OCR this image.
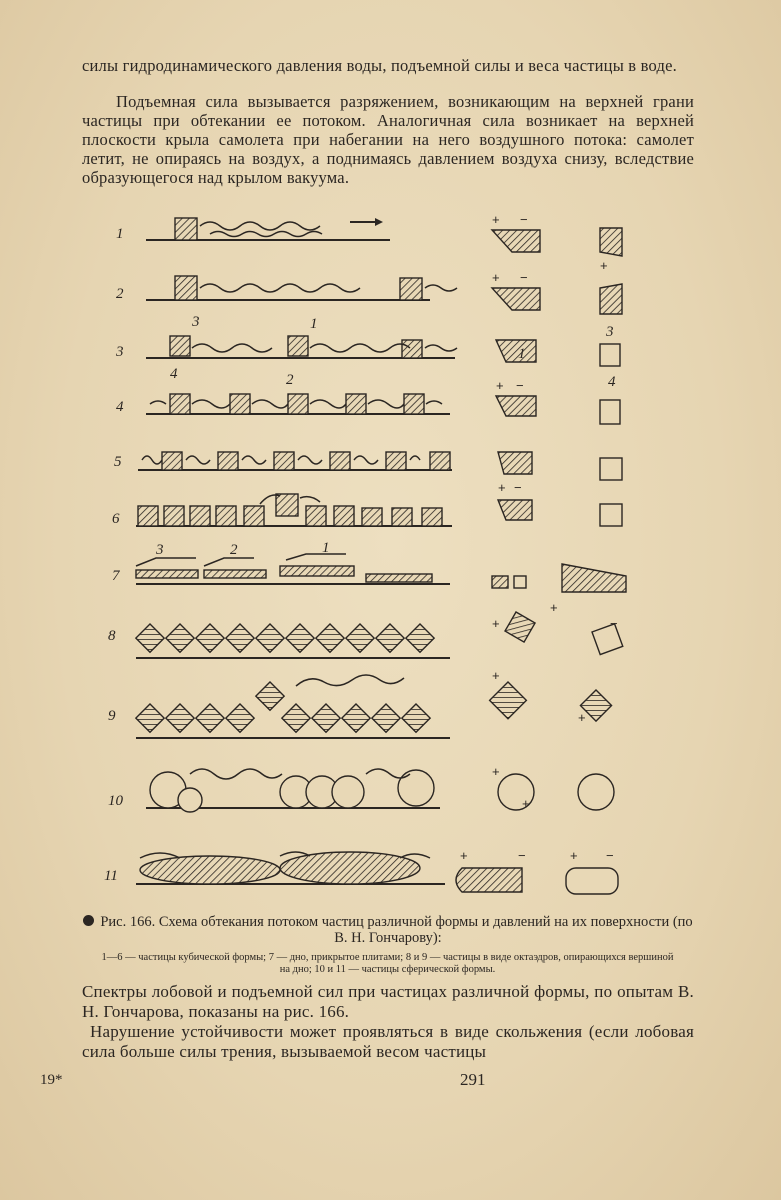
силы гидродинамического давления воды, подъемной силы и веса частицы в воде.
Подъемная сила вызывается разряжением, возникающим на верхней грани частицы при обтекании ее потоком. Аналогичная сила возникает на верхней плоскости крыла самолета при набегании на него воздушного потока: самолет летит, не опираясь на воздух, а поднимаясь давлением воздуха снизу, вследствие образующегося над крылом вакуума.
1
2
3
4
5
6
7
8
9
10
11
3	1
4	2
3	2	1
+ −
+ −
1
+ −
+ −
+
+
+
+
+	−
+
3
4
+
−
+
+ −
Рис. 166. Схема обтекания потоком частиц различной формы и давлений на их поверхности (по В. Н. Гончарову):
1—6 — частицы кубической формы; 7 — дно, прикрытое плитами; 8 и 9 — частицы в виде октаэдров, опирающихся вершиной на дно; 10 и 11 — частицы сферической формы.
Спектры лобовой и подъемной сил при частицах различной формы, по опытам В. Н. Гончарова, показаны на рис. 166.
Нарушение устойчивости может проявляться в виде скольжения (если лобовая сила больше силы трения, вызываемой весом частицы
19*	291
